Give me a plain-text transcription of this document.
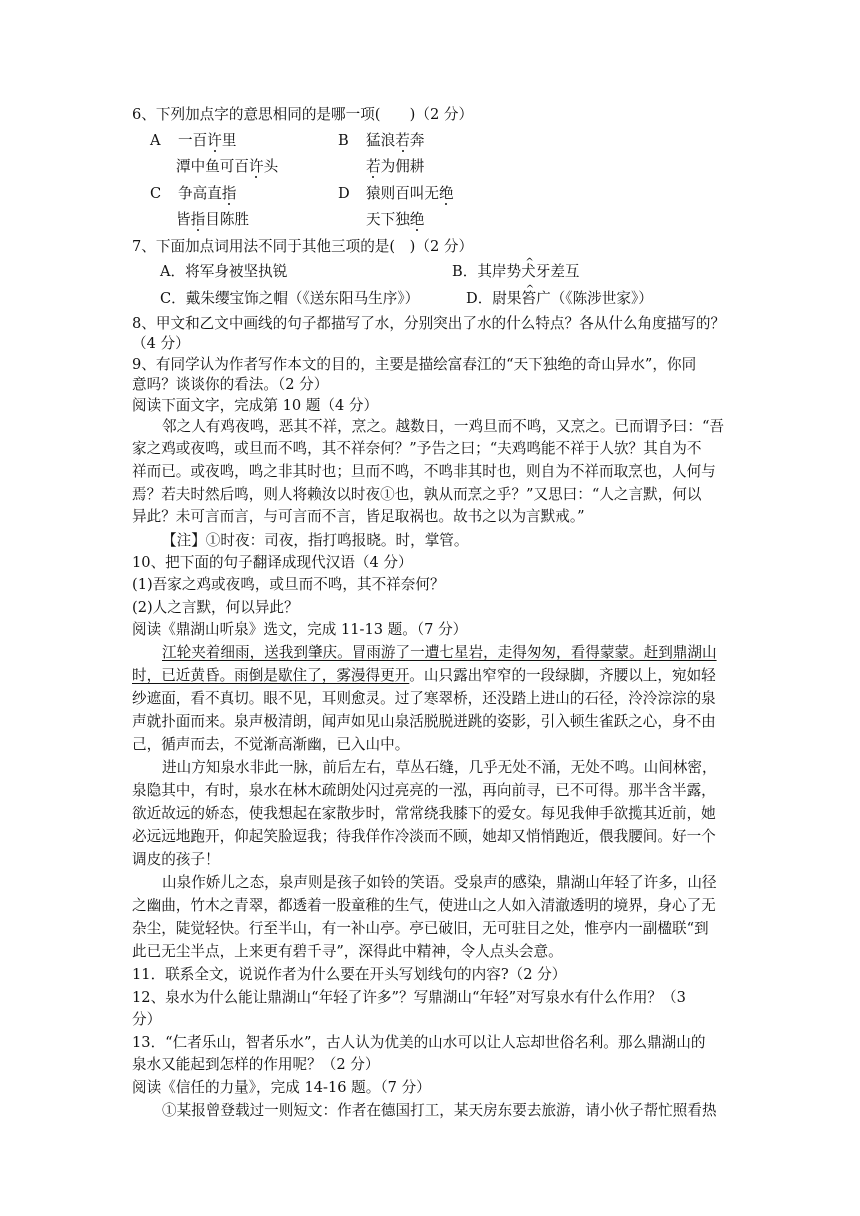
6、下列加点字的意思相同的是哪一项(　　)（2 分）
A 一百许里
潭中鱼可百许头
B 猛浪若奔
若为佣耕
C 争高直指
皆指目陈胜
D 猿则百叫无绝
天下独绝
7、下面加点词用法不同于其他三项的是(　)（2 分）
A．将军身被坚执锐	B．其岸势^ 犬牙差互
C．戴朱缨宝饰之帽（《送东阳马生序》）	D．尉果^ 笞广（《陈涉世家》）
8、甲文和乙文中画线的句子都描写了水，分别突出了水的什么特点？各从什么角度描写的？
（4 分）
9、有同学认为作者写作本文的目的，主要是描绘富春江的“天下独绝的奇山异水”，你同
意吗？谈谈你的看法。（2 分）
阅读下面文字，完成第 10 题（4 分）
邻之人有鸡夜鸣，恶其不祥，烹之。越数日，一鸡旦而不鸣，又烹之。已而谓予曰：“吾
家之鸡或夜鸣，或旦而不鸣，其不祥奈何？”予告之曰；“夫鸡鸣能不祥于人欤？其自为不
祥而已。或夜鸣，鸣之非其时也；旦而不鸣，不鸣非其时也，则自为不祥而取烹也，人何与
焉？若夫时然后鸣，则人将赖汝以时夜①也，孰从而烹之乎？”又思曰：“人之言默，何以
异此？未可言而言，与可言而不言，皆足取祸也。故书之以为言默戒。”
【注】①时夜：司夜，指打鸣报晓。时，掌管。
10、把下面的句子翻译成现代汉语（4 分）
(1)吾家之鸡或夜鸣，或旦而不鸣，其不祥奈何？
(2)人之言默，何以异此？
阅读《鼎湖山听泉》选文，完成 11-13 题。（7 分）
江轮夹着细雨，送我到肇庆。冒雨游了一遭七星岩，走得匆匆，看得蒙蒙。赶到鼎湖山
时，已近黄昏。雨倒是歇住了，雾漫得更开。山只露出窄窄的一段绿脚，齐腰以上，宛如轻
纱遮面，看不真切。眼不见，耳则愈灵。过了寒翠桥，还没踏上进山的石径，泠泠淙淙的泉
声就扑面而来。泉声极清朗，闻声如见山泉活脱脱迸跳的姿影，引入顿生雀跃之心，身不由
己，循声而去，不觉渐高渐幽，已入山中。
进山方知泉水非此一脉，前后左右，草丛石缝，几乎无处不涌，无处不鸣。山间林密，
泉隐其中，有时，泉水在林木疏朗处闪过亮亮的一泓，再向前寻，已不可得。那半含半露，
欲近故远的娇态，使我想起在家散步时，常常绕我膝下的爱女。每见我伸手欲揽其近前，她
必远远地跑开，仰起笑脸逗我；待我佯作冷淡而不顾，她却又悄悄跑近，偎我腰间。好一个
调皮的孩子！
山泉作娇儿之态，泉声则是孩子如铃的笑语。受泉声的感染，鼎湖山年轻了许多，山径
之幽曲，竹木之青翠，都透着一股童稚的生气，使进山之人如入清澈透明的境界，身心了无
杂尘，陡觉轻快。行至半山，有一补山亭。亭已破旧，无可驻目之处，惟亭内一副楹联“到
此已无尘半点，上来更有碧千寻”，深得此中精神，令人点头会意。
11．联系全文，说说作者为什么要在开头写划线句的内容?（2 分）
12、泉水为什么能让鼎湖山“年轻了许多”？写鼎湖山“年轻”对写泉水有什么作用？（3
分）
13．“仁者乐山，智者乐水”，古人认为优美的山水可以让人忘却世俗名利。那么鼎湖山的
泉水又能起到怎样的作用呢？（2 分）
阅读《信任的力量》，完成 14-16 题。（7 分）
①某报曾登载过一则短文：作者在德国打工，某天房东要去旅游，请小伙子帮忙照看热
